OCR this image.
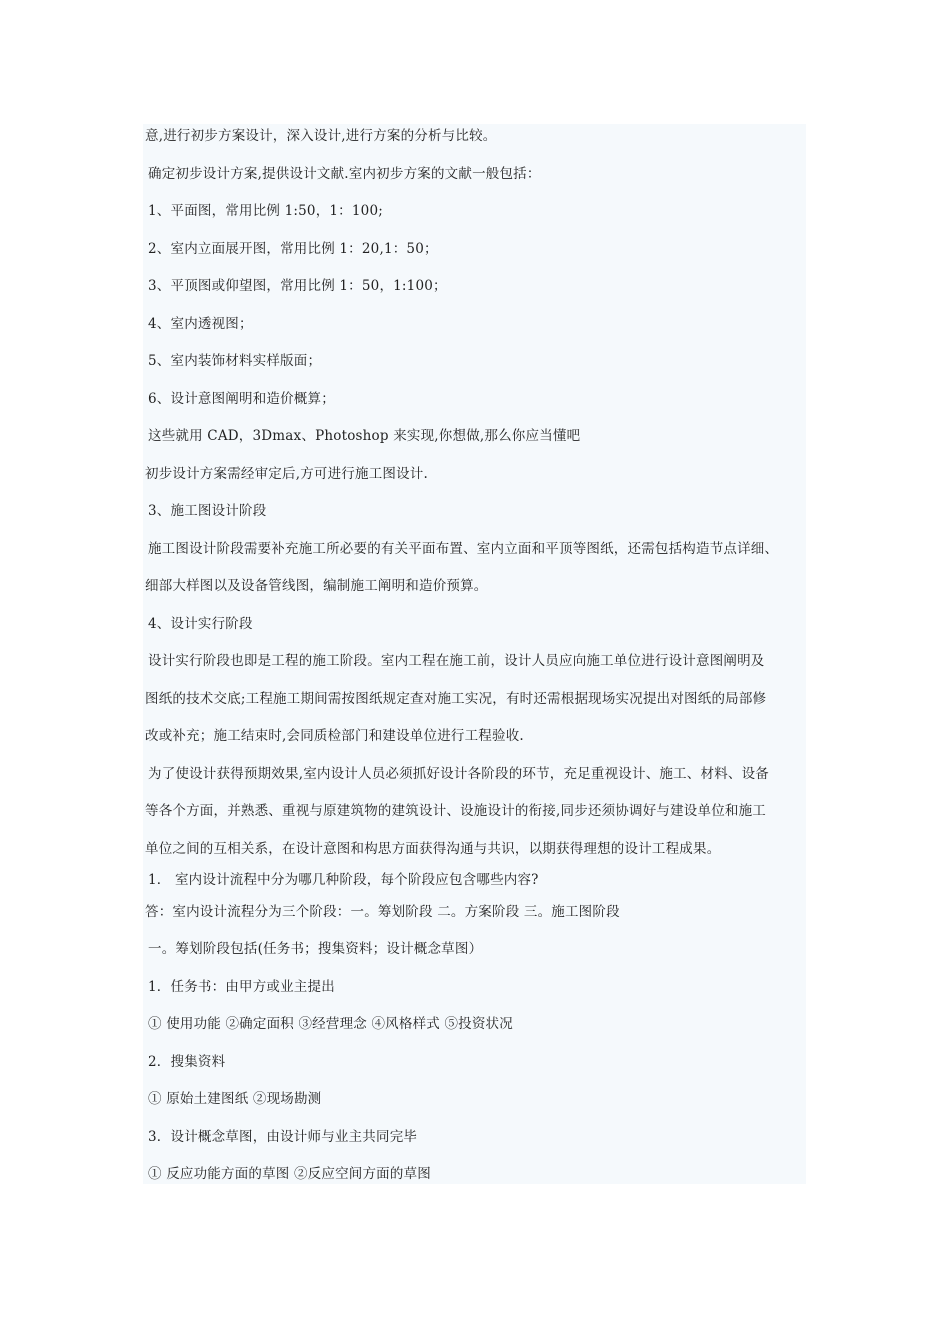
意,进行初步方案设计，深入设计,进行方案的分析与比较。
确定初步设计方案,提供设计文献.室内初步方案的文献一般包括：
1、平面图，常用比例 1:50，1：100;
2、室内立面展开图，常用比例 1：20,1：50；
3、平顶图或仰望图，常用比例 1：50，1:100；
4、室内透视图；
5、室内装饰材料实样版面；
6、设计意图阐明和造价概算；
这些就用 CAD，3Dmax、Photoshop 来实现,你想做,那么你应当懂吧
初步设计方案需经审定后,方可进行施工图设计.
3、施工图设计阶段
施工图设计阶段需要补充施工所必要的有关平面布置、室内立面和平顶等图纸，还需包括构造节点详细、
细部大样图以及设备管线图，编制施工阐明和造价预算。
4、设计实行阶段
设计实行阶段也即是工程的施工阶段。室内工程在施工前，设计人员应向施工单位进行设计意图阐明及
图纸的技术交底;工程施工期间需按图纸规定查对施工实况，有时还需根据现场实况提出对图纸的局部修
改或补充；施工结束时,会同质检部门和建设单位进行工程验收.
为了使设计获得预期效果,室内设计人员必须抓好设计各阶段的环节，充足重视设计、施工、材料、设备
等各个方面，并熟悉、重视与原建筑物的建筑设计、设施设计的衔接,同步还须协调好与建设单位和施工
单位之间的互相关系，在设计意图和构思方面获得沟通与共识，以期获得理想的设计工程成果。
1． 室内设计流程中分为哪几种阶段，每个阶段应包含哪些内容?
答：室内设计流程分为三个阶段：一。筹划阶段 二。方案阶段 三。施工图阶段
一。筹划阶段包括(任务书；搜集资料；设计概念草图）
1．任务书：由甲方或业主提出
① 使用功能 ②确定面积 ③经营理念 ④风格样式 ⑤投资状况
2．搜集资料
① 原始土建图纸 ②现场勘测
3．设计概念草图，由设计师与业主共同完毕
① 反应功能方面的草图 ②反应空间方面的草图
